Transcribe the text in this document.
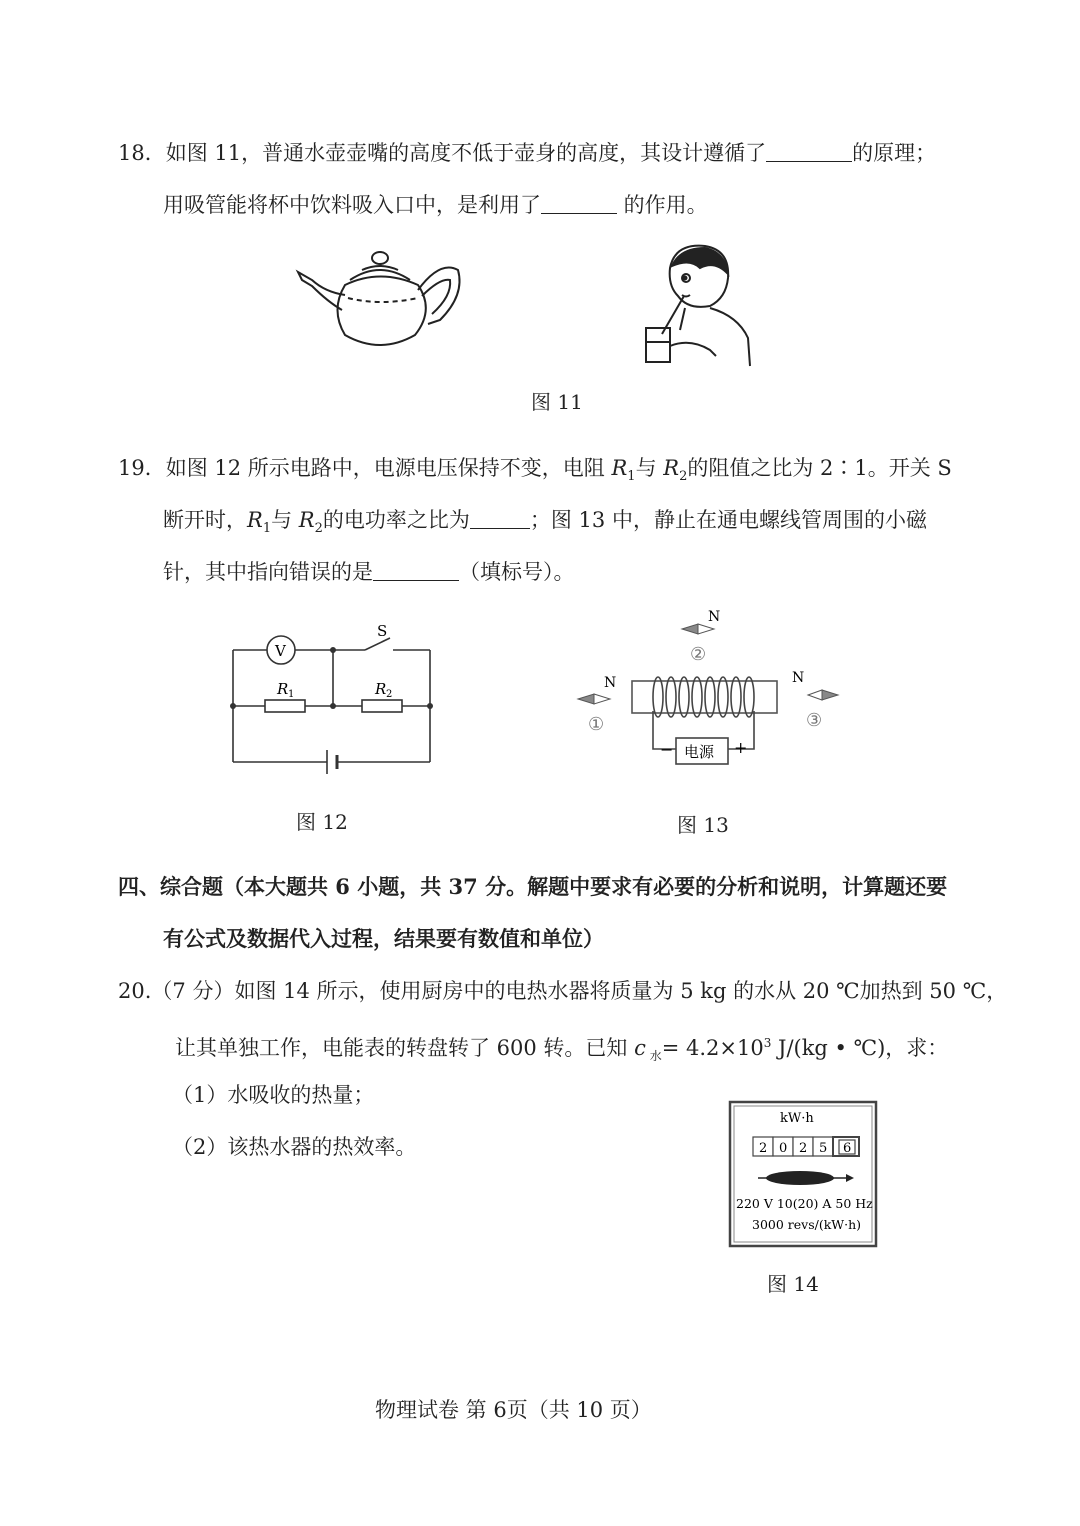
18．如图 11，普通水壶壶嘴的高度不低于壶身的高度，其设计遵循了	的原理；
用吸管能将杯中饮料吸入口中，是利用了	的作用。
图 11
19．如图 12 所示电路中，电源电压保持不变，电阻 $R_1$与 $R_2$的阻值之比为 2∶1。开关 S
断开时，$R_1$与 $R_2$的电功率之比为	；图 13 中，静止在通电螺线管周围的小磁
针，其中指向错误的是	（填标号）。
V
S
R 1	R 2
图 12
N
②
N
①
N
③
电源
−	+
图 13
四、综合题（本大题共 6 小题，共 37 分。解题中要求有必要的分析和说明，计算题还要
有公式及数据代入过程，结果要有数值和单位）
20.（7 分）如图 14 所示，使用厨房中的电热水器将质量为 5 kg 的水从 20 ℃加热到 50 ℃，
让其单独工作，电能表的转盘转了 600 转。已知 c $_水= 4.2\times 10^3$ J/(kg • ℃)，求：
（1）水吸收的热量；
（2）该热水器的热效率。
kW·h
2 0 2 5 6
220 V 10(20) A 50 Hz
3000 revs/(kW·h)
图 14
物理试卷 第 6页（共 10 页）
